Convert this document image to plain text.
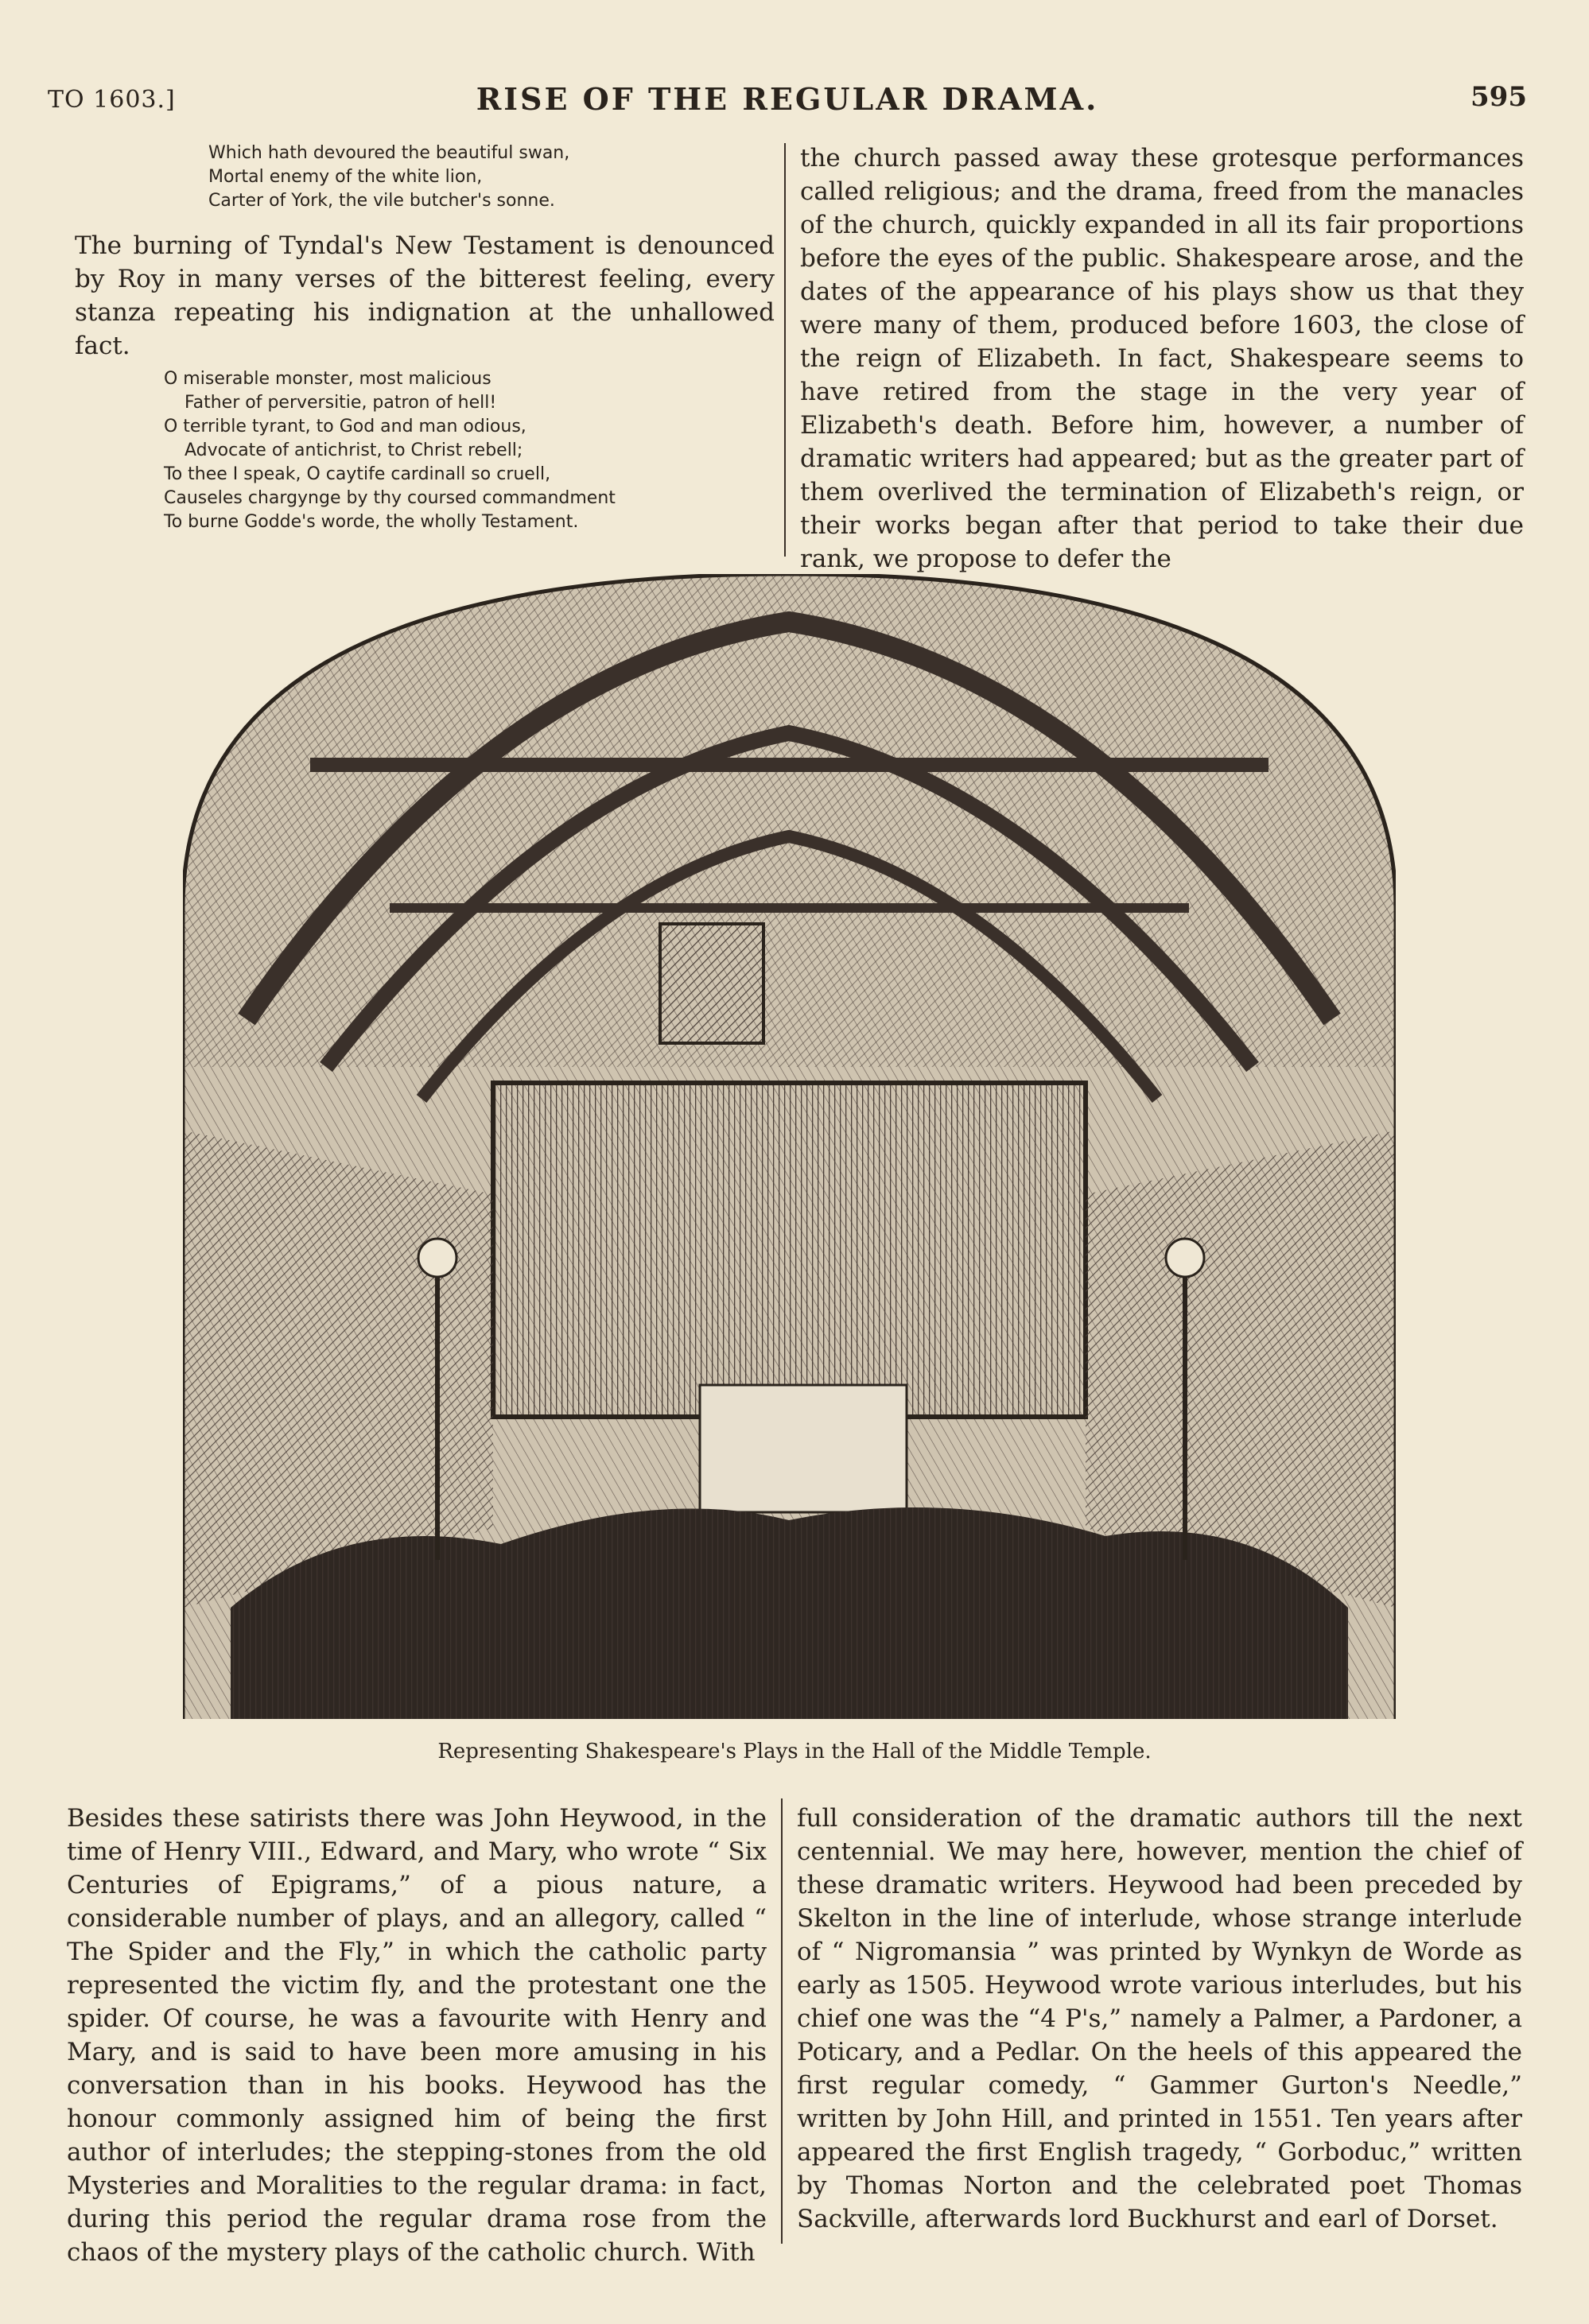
TO 1603.]	RISE OF THE REGULAR DRAMA.	595
Which hath devoured the beautiful swan,
Mortal enemy of the white lion,
Carter of York, the vile butcher's sonne.

The burning of Tyndal's New Testament is denounced by Roy in many verses of the bitterest feeling, every stanza repeating his indignation at the unhallowed fact.

O miserable monster, most malicious
Father of perversitie, patron of hell!
O terrible tyrant, to God and man odious,
Advocate of antichrist, to Christ rebell;
To thee I speak, O caytife cardinall so cruell,
Causeles chargynge by thy coursed commandment
To burne Godde's worde, the wholly Testament.

the church passed away these grotesque performances called religious; and the drama, freed from the manacles of the church, quickly expanded in all its fair proportions before the eyes of the public. Shakespeare arose, and the dates of the appearance of his plays show us that they were many of them, produced before 1603, the close of the reign of Elizabeth. In fact, Shakespeare seems to have retired from the stage in the very year of Elizabeth's death. Before him, however, a number of dramatic writers had appeared; but as the greater part of them overlived the termination of Elizabeth's reign, or their works began after that period to take their due rank, we propose to defer the

Representing Shakespeare's Plays in the Hall of the Middle Temple.

Besides these satirists there was John Heywood, in the time of Henry VIII., Edward, and Mary, who wrote “ Six Centuries of Epigrams,” of a pious nature, a considerable number of plays, and an allegory, called “ The Spider and the Fly,” in which the catholic party represented the victim fly, and the protestant one the spider. Of course, he was a favourite with Henry and Mary, and is said to have been more amusing in his conversation than in his books. Heywood has the honour commonly assigned him of being the first author of interludes; the stepping-stones from the old Mysteries and Moralities to the regular drama: in fact, during this period the regular drama rose from the chaos of the mystery plays of the catholic church. With

full consideration of the dramatic authors till the next centennial. We may here, however, mention the chief of these dramatic writers. Heywood had been preceded by Skelton in the line of interlude, whose strange interlude of “ Nigromansia ” was printed by Wynkyn de Worde as early as 1505. Heywood wrote various interludes, but his chief one was the “4 P's,” namely a Palmer, a Pardoner, a Poticary, and a Pedlar. On the heels of this appeared the first regular comedy, “ Gammer Gurton's Needle,” written by John Hill, and printed in 1551. Ten years after appeared the first English tragedy, “ Gorboduc,” written by Thomas Norton and the celebrated poet Thomas Sackville, afterwards lord Buckhurst and earl of Dorset.
